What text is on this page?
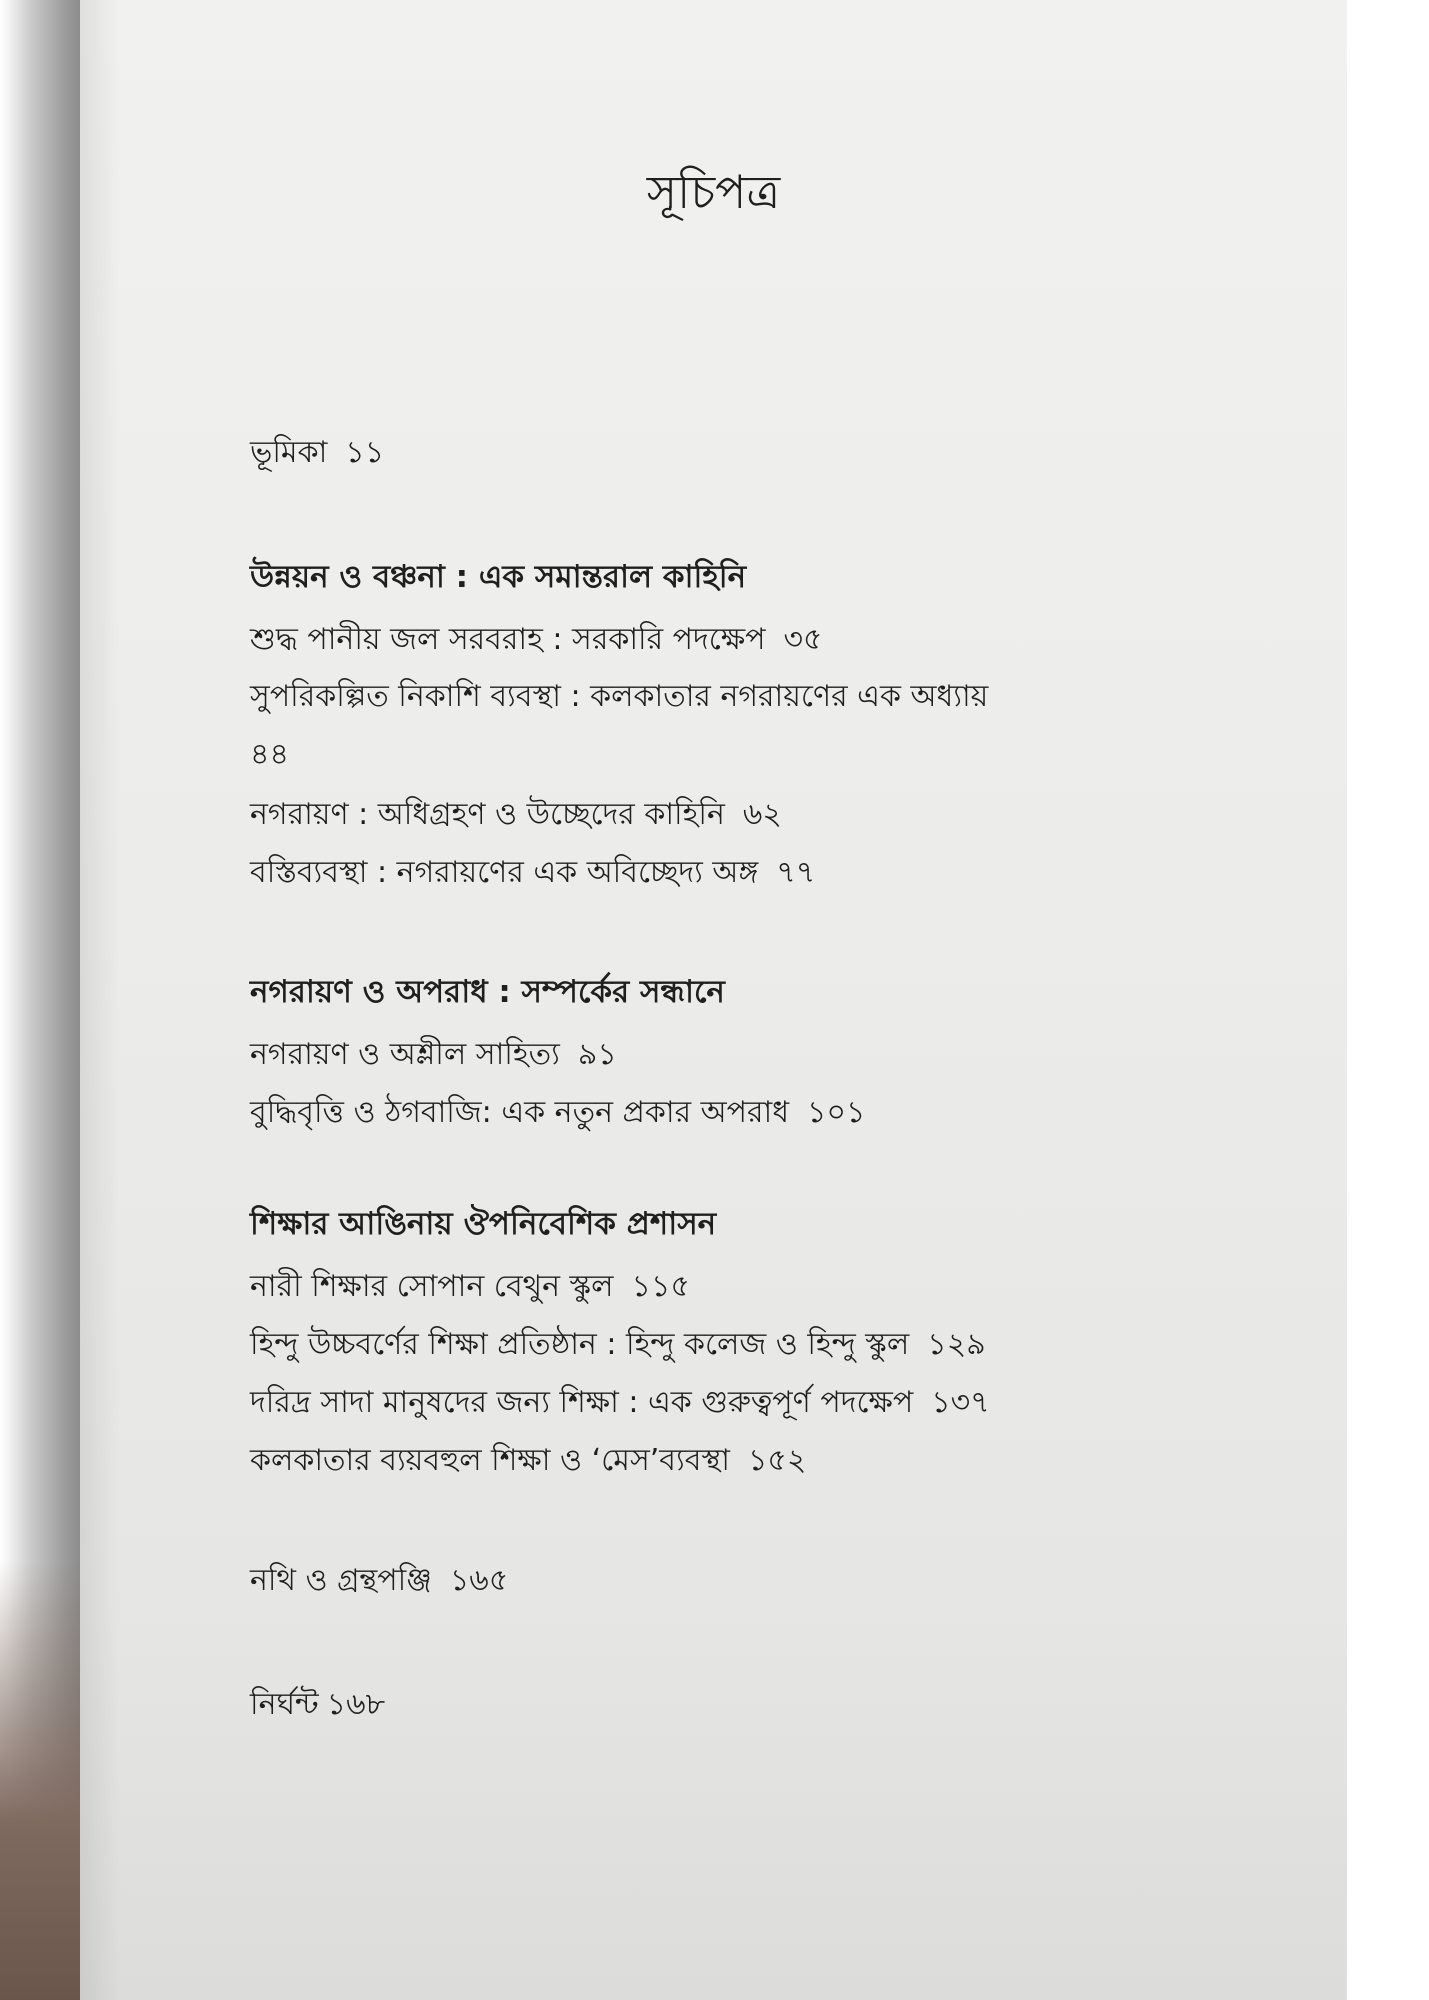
সূচিপত্র
ভূমিকা ১১
উন্নয়ন ও বঞ্চনা : এক সমান্তরাল কাহিনি
শুদ্ধ পানীয় জল সরবরাহ : সরকারি পদক্ষেপ ৩৫
সুপরিকল্পিত নিকাশি ব্যবস্থা : কলকাতার নগরায়ণের এক অধ্যায়
৪৪
নগরায়ণ : অধিগ্রহণ ও উচ্ছেদের কাহিনি ৬২
বস্তিব্যবস্থা : নগরায়ণের এক অবিচ্ছেদ্য অঙ্গ ৭৭
নগরায়ণ ও অপরাধ : সম্পর্কের সন্ধানে
নগরায়ণ ও অশ্লীল সাহিত্য ৯১
বুদ্ধিবৃত্তি ও ঠগবাজি: এক নতুন প্রকার অপরাধ ১০১
শিক্ষার আঙিনায় ঔপনিবেশিক প্রশাসন
নারী শিক্ষার সোপান বেথুন স্কুল ১১৫
হিন্দু উচ্চবর্ণের শিক্ষা প্রতিষ্ঠান : হিন্দু কলেজ ও হিন্দু স্কুল ১২৯
দরিদ্র সাদা মানুষদের জন্য শিক্ষা : এক গুরুত্বপূর্ণ পদক্ষেপ ১৩৭
কলকাতার ব্যয়বহুল শিক্ষা ও ‘মেস’ব্যবস্থা ১৫২
নথি ও গ্রন্থপঞ্জি ১৬৫
নির্ঘন্ট ১৬৮
